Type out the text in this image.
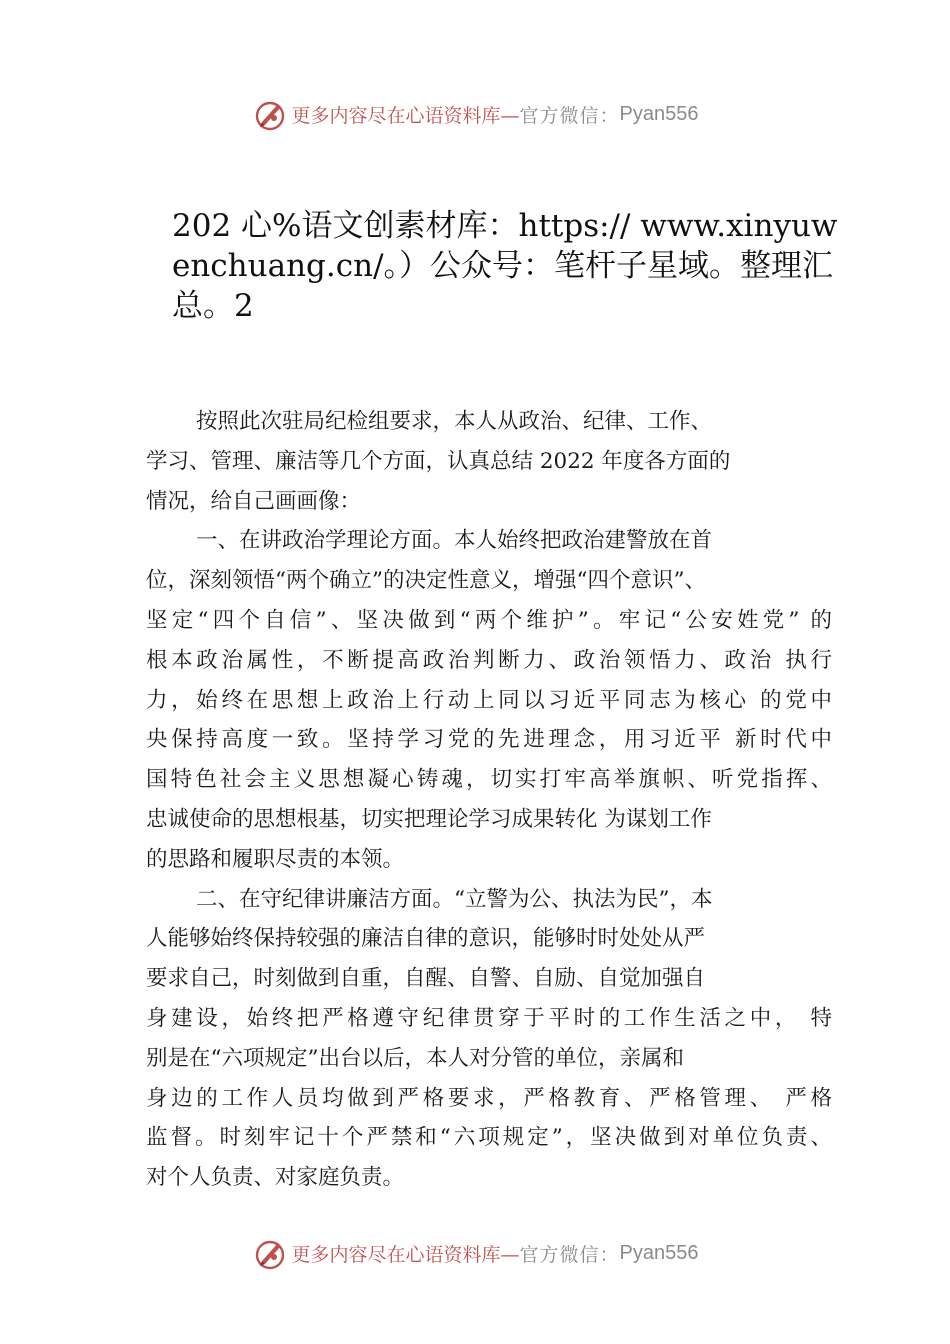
更多内容尽在心语资料库— 官方微信： Pyan556
202 心%语文创素材库：https:// www.xinyuwenchuang.cn/。）公众号：笔杆子星域。整理汇总。2
按照此次驻局纪检组要求，本人从政治、纪律、工作、
学习、管理、廉洁等几个方面，认真总结 2022 年度各方面的
情况，给自己画画像：
一、在讲政治学理论方面。本人始终把政治建警放在首
位，深刻领悟“两个确立”的决定性意义，增强“四个意识”、
坚定“四个自信”、坚决做到“两个维护”。牢记“公安姓党” 的
根本政治属性，不断提高政治判断力、政治领悟力、政治 执行
力，始终在思想上政治上行动上同以习近平同志为核心 的党中
央保持高度一致。坚持学习党的先进理念，用习近平 新时代中
国特色社会主义思想凝心铸魂，切实打牢高举旗帜、听党指挥、
忠诚使命的思想根基，切实把理论学习成果转化 为谋划工作
的思路和履职尽责的本领。
二、在守纪律讲廉洁方面。“立警为公、执法为民”，本
人能够始终保持较强的廉洁自律的意识，能够时时处处从严
要求自己，时刻做到自重，自醒、自警、自励、自觉加强自
身建设，始终把严格遵守纪律贯穿于平时的工作生活之中， 特
别是在“六项规定”出台以后，本人对分管的单位，亲属和
身边的工作人员均做到严格要求，严格教育、严格管理、 严格
监督。时刻牢记十个严禁和“六项规定”，坚决做到对单位负责、
对个人负责、对家庭负责。
更多内容尽在心语资料库— 官方微信： Pyan556
